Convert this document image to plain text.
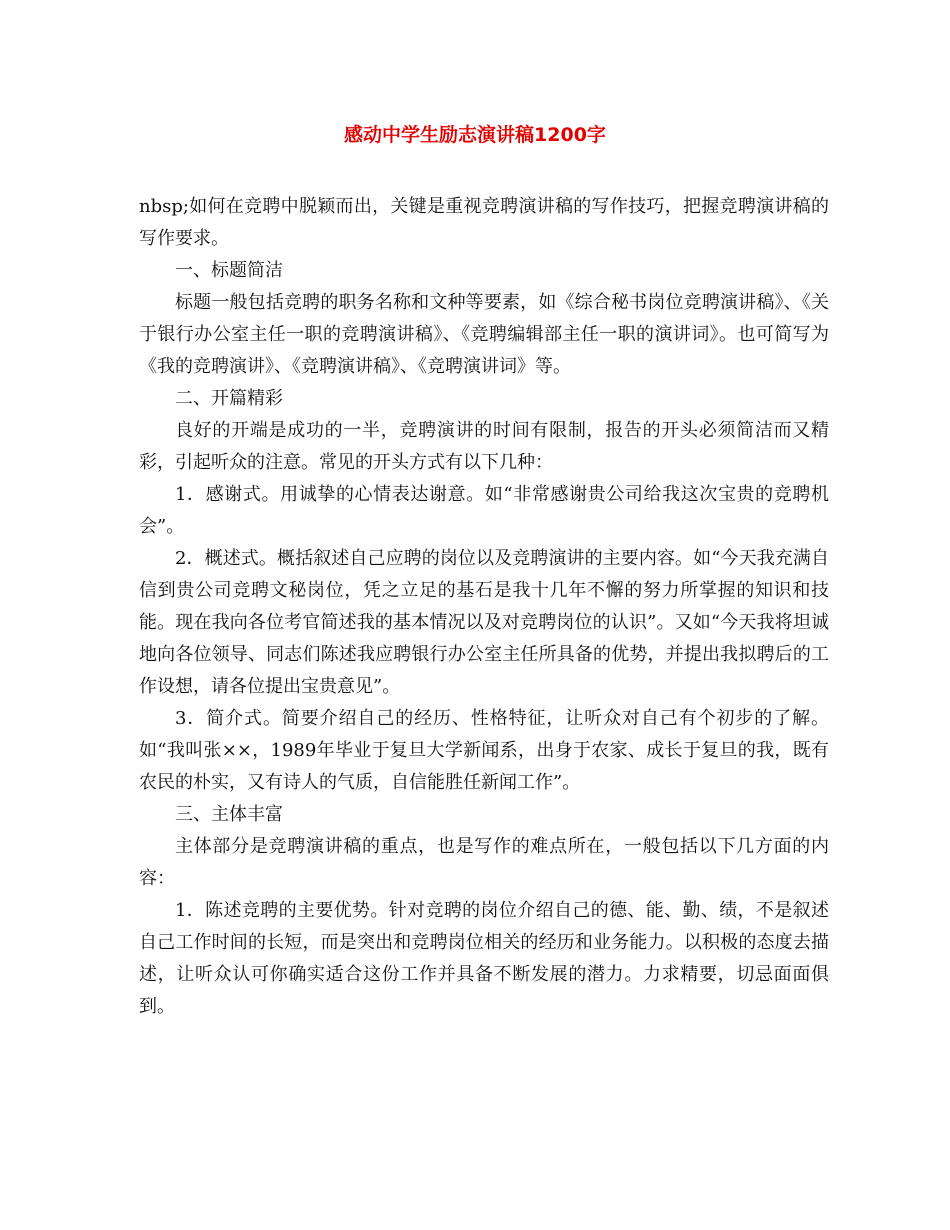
感动中学生励志演讲稿1200字

nbsp;如何在竞聘中脱颖而出，关键是重视竞聘演讲稿的写作技巧，把握竞聘演讲稿的写作要求。

一、标题简洁

标题一般包括竞聘的职务名称和文种等要素，如《综合秘书岗位竞聘演讲稿》、《关于银行办公室主任一职的竞聘演讲稿》、《竞聘编辑部主任一职的演讲词》。也可简写为《我的竞聘演讲》、《竞聘演讲稿》、《竞聘演讲词》等。

二、开篇精彩

良好的开端是成功的一半，竞聘演讲的时间有限制，报告的开头必须简洁而又精彩，引起听众的注意。常见的开头方式有以下几种：

1．感谢式。用诚挚的心情表达谢意。如“非常感谢贵公司给我这次宝贵的竞聘机会”。

2．概述式。概括叙述自己应聘的岗位以及竞聘演讲的主要内容。如“今天我充满自信到贵公司竞聘文秘岗位，凭之立足的基石是我十几年不懈的努力所掌握的知识和技能。现在我向各位考官简述我的基本情况以及对竞聘岗位的认识”。又如“今天我将坦诚地向各位领导、同志们陈述我应聘银行办公室主任所具备的优势，并提出我拟聘后的工作设想，请各位提出宝贵意见”。

3．简介式。简要介绍自己的经历、性格特征，让听众对自己有个初步的了解。如“我叫张××，1989年毕业于复旦大学新闻系，出身于农家、成长于复旦的我，既有农民的朴实，又有诗人的气质，自信能胜任新闻工作”。

三、主体丰富

主体部分是竞聘演讲稿的重点，也是写作的难点所在，一般包括以下几方面的内容：

1．陈述竞聘的主要优势。针对竞聘的岗位介绍自己的德、能、勤、绩，不是叙述自己工作时间的长短，而是突出和竞聘岗位相关的经历和业务能力。以积极的态度去描述，让听众认可你确实适合这份工作并具备不断发展的潜力。力求精要，切忌面面俱到。
